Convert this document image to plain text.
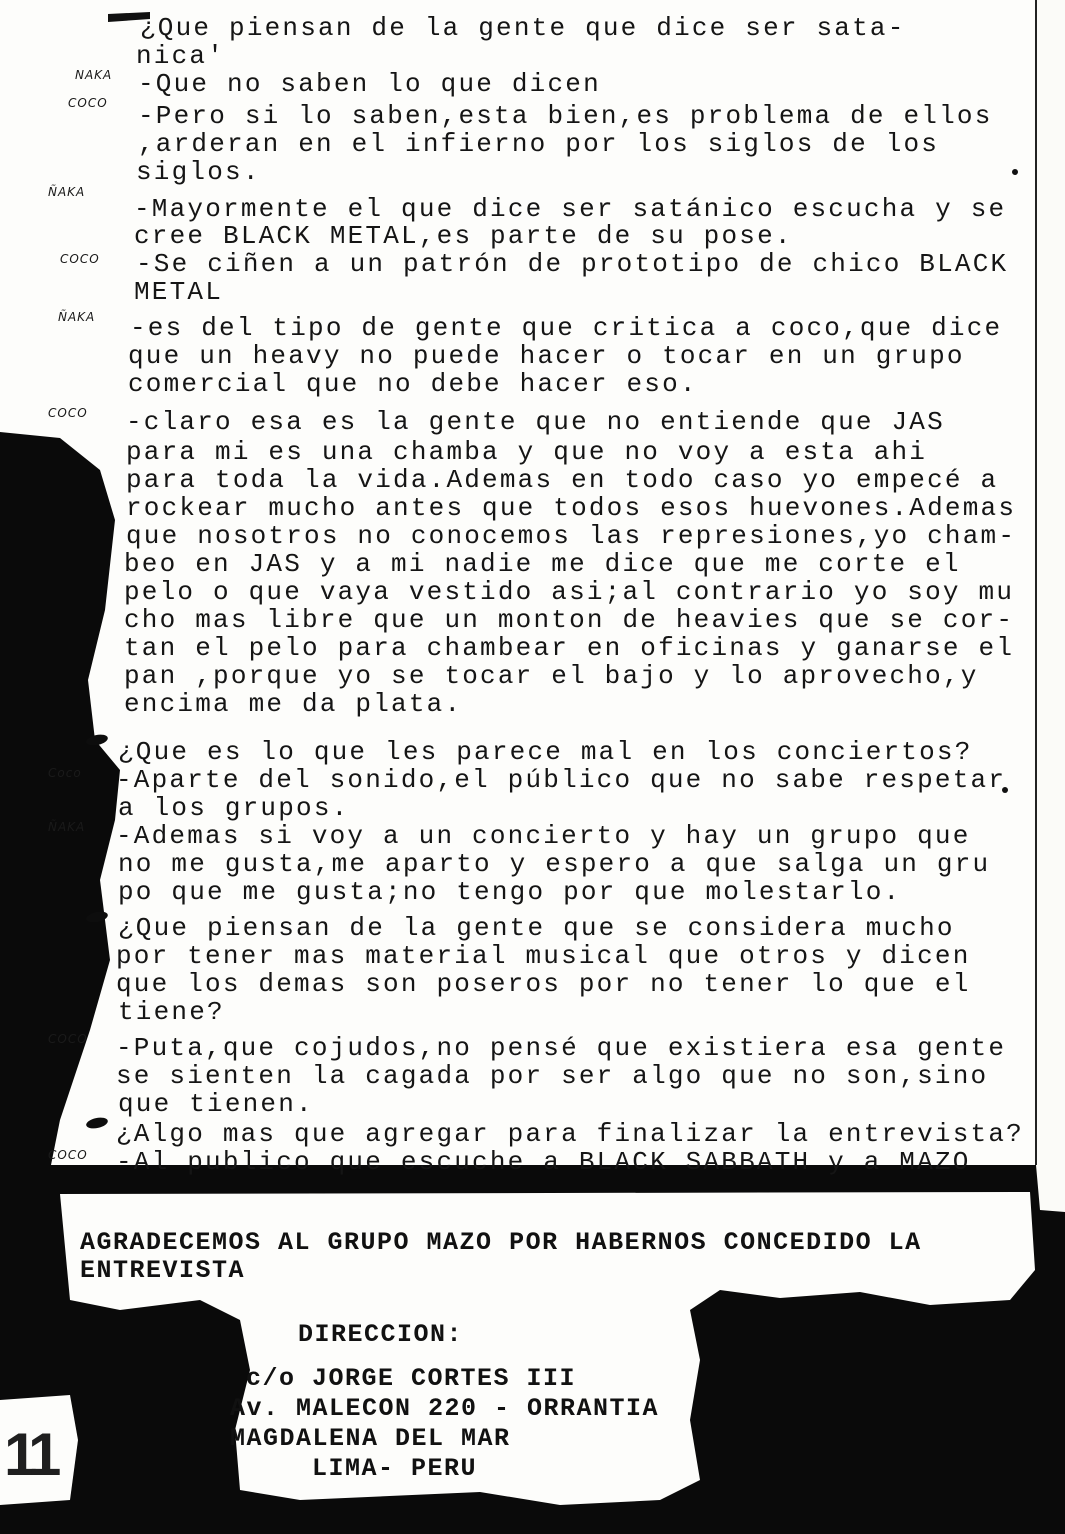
¿Que piensan de la gente que dice ser sata-
nica'
-Que no saben lo que dicen
-Pero si lo saben,esta bien,es problema de ellos
,arderan en el infierno por los siglos de los
siglos.
-Mayormente el que dice ser satánico escucha y se
cree BLACK METAL,es parte de su pose.
-Se ciñen a un patrón de prototipo de chico BLACK
METAL
-es del tipo de gente que critica a coco,que dice
que un heavy no puede hacer o tocar en un grupo
comercial que no debe hacer eso.
-claro esa es la gente que no entiende que JAS
para mi es una chamba y que no voy a esta ahi
para toda la vida.Ademas en todo caso yo empecé a
rockear mucho antes que todos esos huevones.Ademas
que nosotros no conocemos las represiones,yo cham-
beo en JAS y a mi nadie me dice que me corte el
pelo o que vaya vestido asi;al contrario yo soy mu
cho mas libre que un monton de heavies que se cor-
tan el pelo para chambear en oficinas y ganarse el
pan ,porque yo se tocar el bajo y lo aprovecho,y
encima me da plata.
¿Que es lo que les parece mal en los conciertos?
-Aparte del sonido,el público que no sabe respetar
a los grupos.
-Ademas si voy a un concierto y hay un grupo que
no me gusta,me aparto y espero a que salga un gru
po que me gusta;no tengo por que molestarlo.
¿Que piensan de la gente que se considera mucho
por tener mas material musical que otros y dicen
que los demas son poseros por no tener lo que el
tiene?
-Puta,que cojudos,no pensé que existiera esa gente
se sienten la cagada por ser algo que no son,sino
que tienen.
¿Algo mas que agregar para finalizar la entrevista?
-Al publico que escuche a BLACK SABBATH y a MAZO
NAKA
COCO
ÑAKA
COCO
ÑAKA
COCO
Coco
ÑAKA
COCO
COCO
AGRADECEMOS AL GRUPO MAZO POR HABERNOS CONCEDIDO LA
ENTREVISTA
DIRECCION:
c/o JORGE CORTES III
Av. MALECON 220 - ORRANTIA
MAGDALENA DEL MAR
LIMA- PERU
11
